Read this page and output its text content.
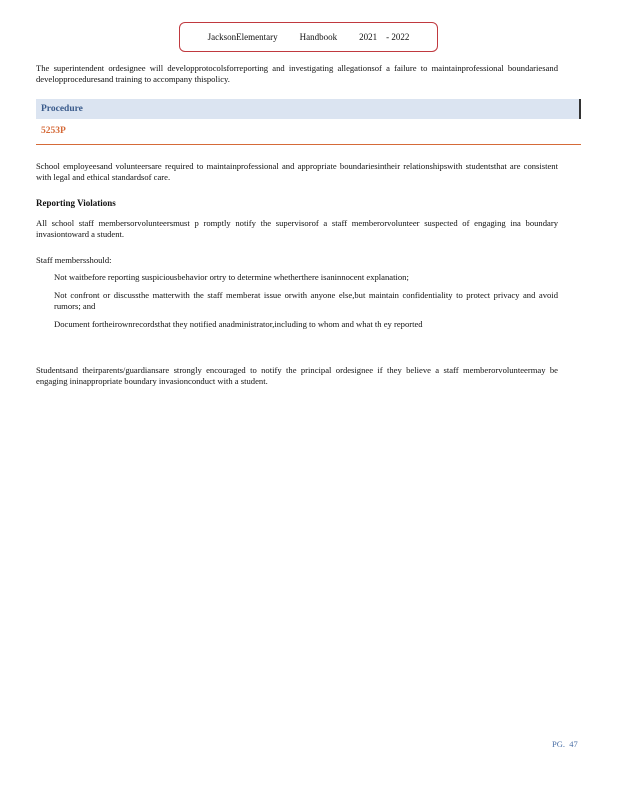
JacksonElementary Handbook 2021 - 2022
The superintendent ordesignee will developprotocolsforreporting and investigating allegationsof a failure to maintainprofessional boundariesand developproceduresand training to accompany thispolicy.
Procedure
5253P
School employeesand volunteersare required to maintainprofessional and appropriate boundariesintheir relationshipswith studentsthat are consistent with legal and ethical standardsof care.
Reporting Violations
All school staff membersorvolunteersmust p romptly notify the supervisorof a staff memberorvolunteer suspected of engaging ina boundary invasiontoward a student.
Staff membersshould:
Not waitbefore reporting suspiciousbehavior ortry to determine whetherthere isaninnocent explanation;
Not confront or discussthe matterwith the staff memberat issue orwith anyone else,but maintain confidentiality to protect privacy and avoid rumors; and
Document fortheirownrecordsthat they notified anadministrator,including to whom and what th ey reported
Studentsand theirparents/guardiansare strongly encouraged to notify the principal ordesignee if they believe a staff memberorvolunteermay be engaging ininappropriate boundary invasionconduct with a student.
PG. 47
